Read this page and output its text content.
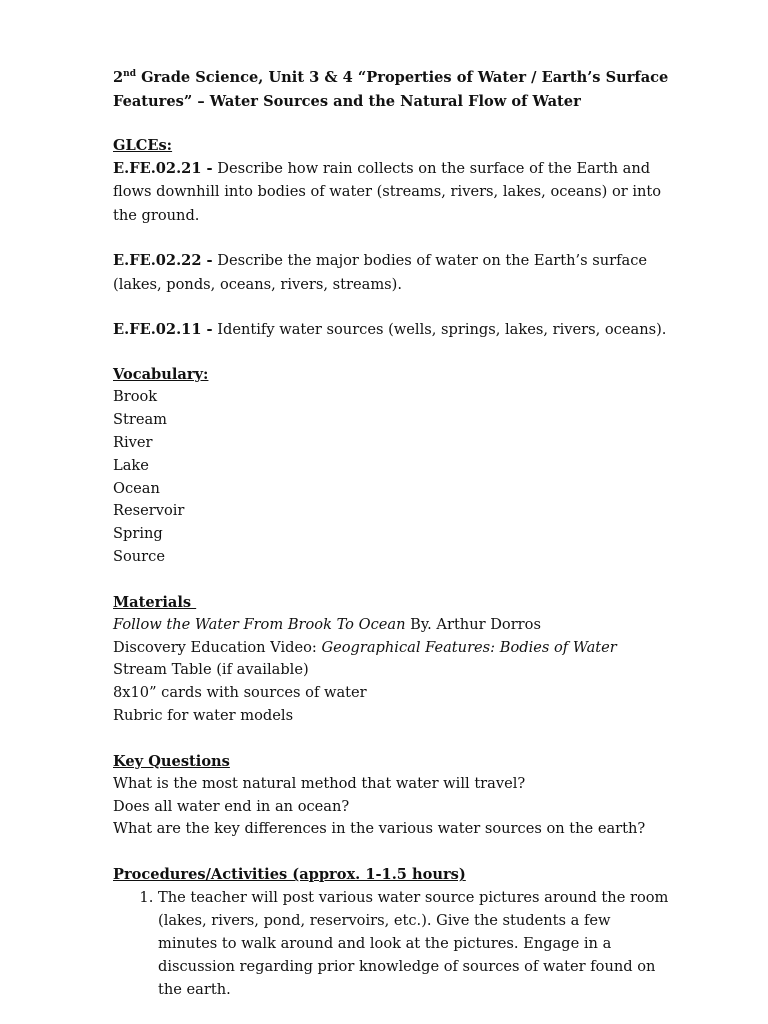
2nd Grade Science, Unit 3 & 4 “Properties of Water / Earth’s Surface
Features” – Water Sources and the Natural Flow of Water
GLCEs:

E.FE.02.21 - Describe how rain collects on the surface of the Earth and flows downhill into bodies of water (streams, rivers, lakes, oceans) or into the ground.

E.FE.02.22 - Describe the major bodies of water on the Earth’s surface (lakes, ponds, oceans, rivers, streams).

E.FE.02.11 - Identify water sources (wells, springs, lakes, rivers, oceans).

Vocabulary:
Brook
Stream
River
Lake
Ocean
Reservoir
Spring
Source
Materials
Follow the Water From Brook To Ocean By. Arthur Dorros
Discovery Education Video: Geographical Features: Bodies of Water
Stream Table (if available)
8x10” cards with sources of water
Rubric for water models
Key Questions
What is the most natural method that water will travel?
Does all water end in an ocean?
What are the key differences in the various water sources on the earth?
Procedures/Activities (approx. 1-1.5 hours)
1. The teacher will post various water source pictures around the room (lakes, rivers, pond, reservoirs, etc.). Give the students a few minutes to walk around and look at the pictures. Engage in a discussion regarding prior knowledge of sources of water found on the earth.
